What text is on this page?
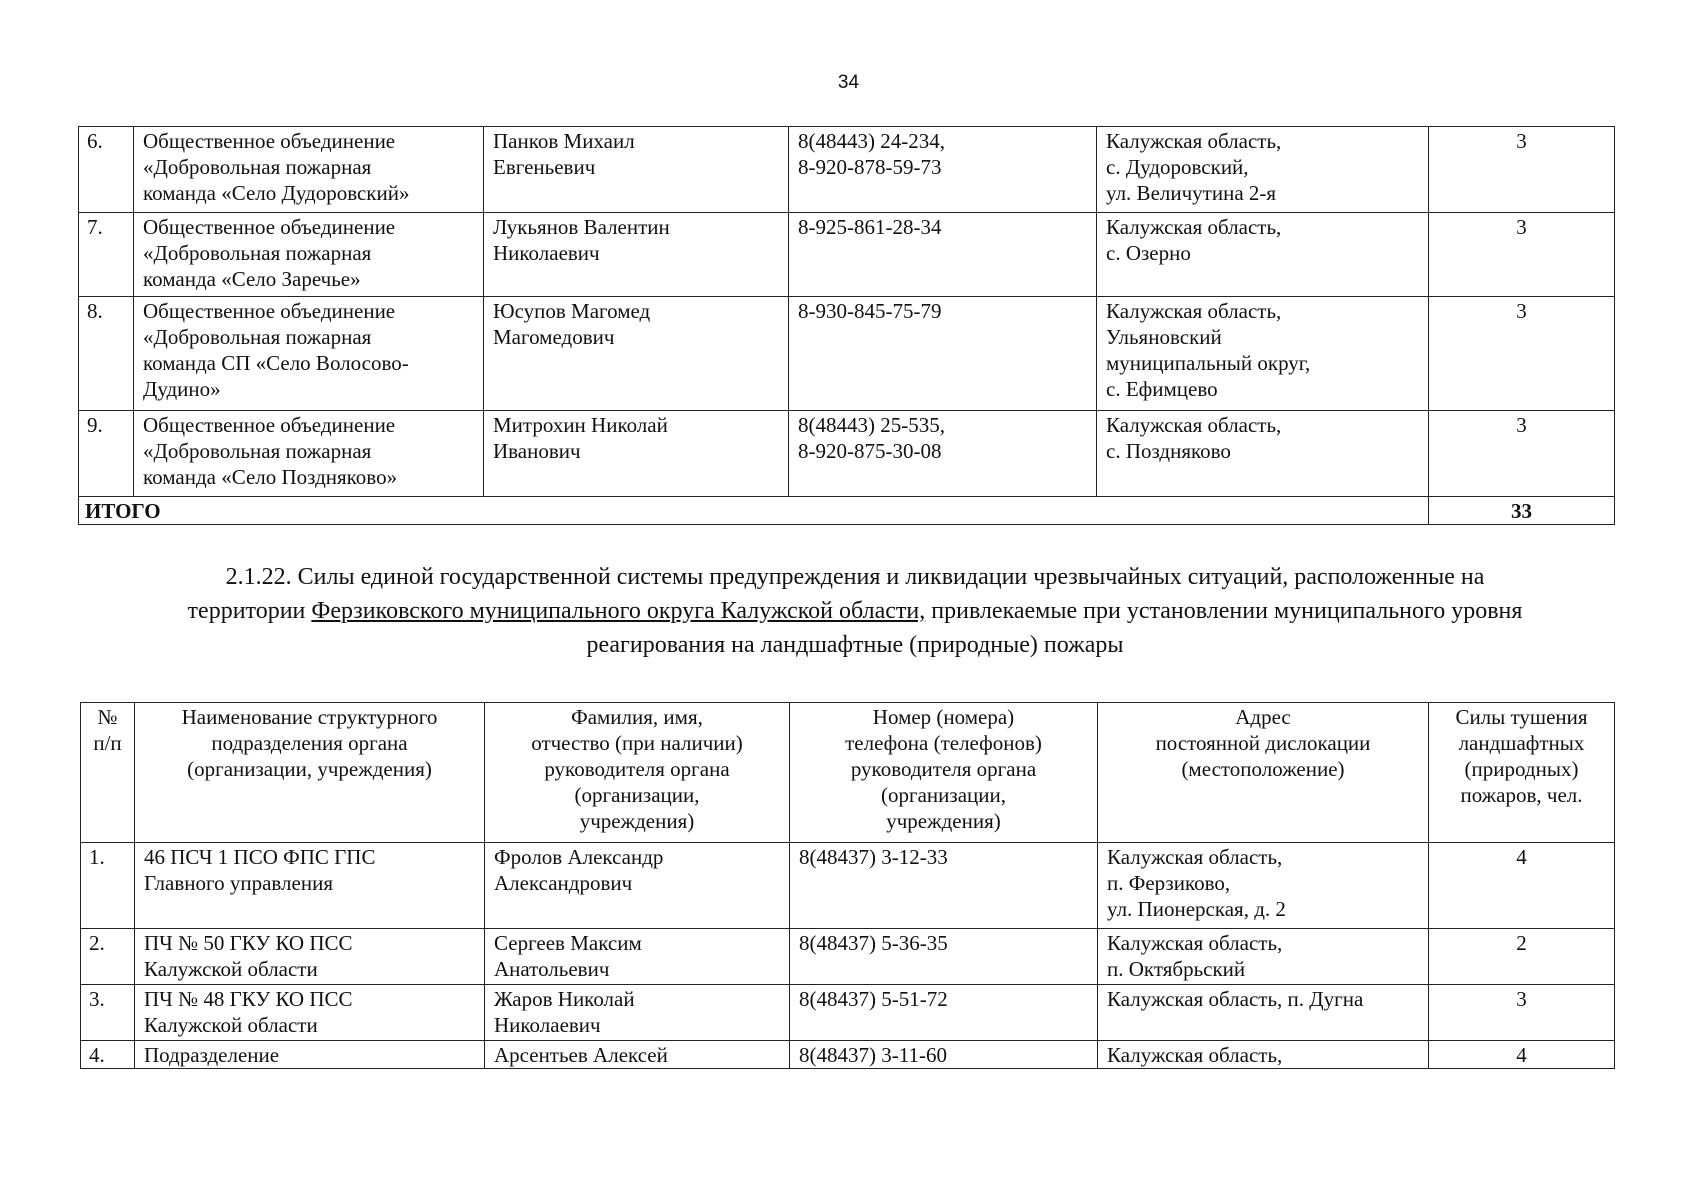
34
6.	Общественное объединение
«Добровольная пожарная
команда «Село Дудоровский»	Панков Михаил
Евгеньевич	8(48443) 24-234,
8-920-878-59-73	Калужская область,
с. Дудоровский,
ул. Величутина 2-я	3
7.	Общественное объединение
«Добровольная пожарная
команда «Село Заречье»	Лукьянов Валентин
Николаевич	8-925-861-28-34	Калужская область,
с. Озерно	3
8.	Общественное объединение
«Добровольная пожарная
команда СП «Село Волосово-
Дудино»	Юсупов Магомед
Магомедович	8-930-845-75-79	Калужская область,
Ульяновский
муниципальный округ,
с. Ефимцево	3
9.	Общественное объединение
«Добровольная пожарная
команда «Село Поздняково»	Митрохин Николай
Иванович	8(48443) 25-535,
8-920-875-30-08	Калужская область,
с. Поздняково	3
ИТОГО					33
2.1.22. Силы единой государственной системы предупреждения и ликвидации чрезвычайных ситуаций, расположенные на
территории Ферзиковского муниципального округа Калужской области, привлекаемые при установлении муниципального уровня
реагирования на ландшафтные (природные) пожары
№
п/п	Наименование структурного
подразделения органа
(организации, учреждения)	Фамилия, имя,
отчество (при наличии)
руководителя органа
(организации,
учреждения)	Номер (номера)
телефона (телефонов)
руководителя органа
(организации,
учреждения)	Адрес
постоянной дислокации
(местоположение)	Силы тушения
ландшафтных
(природных)
пожаров, чел.
1.	46 ПСЧ 1 ПСО ФПС ГПС
Главного управления	Фролов Александр
Александрович	8(48437) 3-12-33	Калужская область,
п. Ферзиково,
ул. Пионерская, д. 2	4
2.	ПЧ № 50 ГКУ КО ПСС
Калужской области	Сергеев Максим
Анатольевич	8(48437) 5-36-35	Калужская область,
п. Октябрьский	2
3.	ПЧ № 48 ГКУ КО ПСС
Калужской области	Жаров Николай
Николаевич	8(48437) 5-51-72	Калужская область, п. Дугна	3
4.	Подразделение	Арсентьев Алексей	8(48437) 3-11-60	Калужская область,	4
